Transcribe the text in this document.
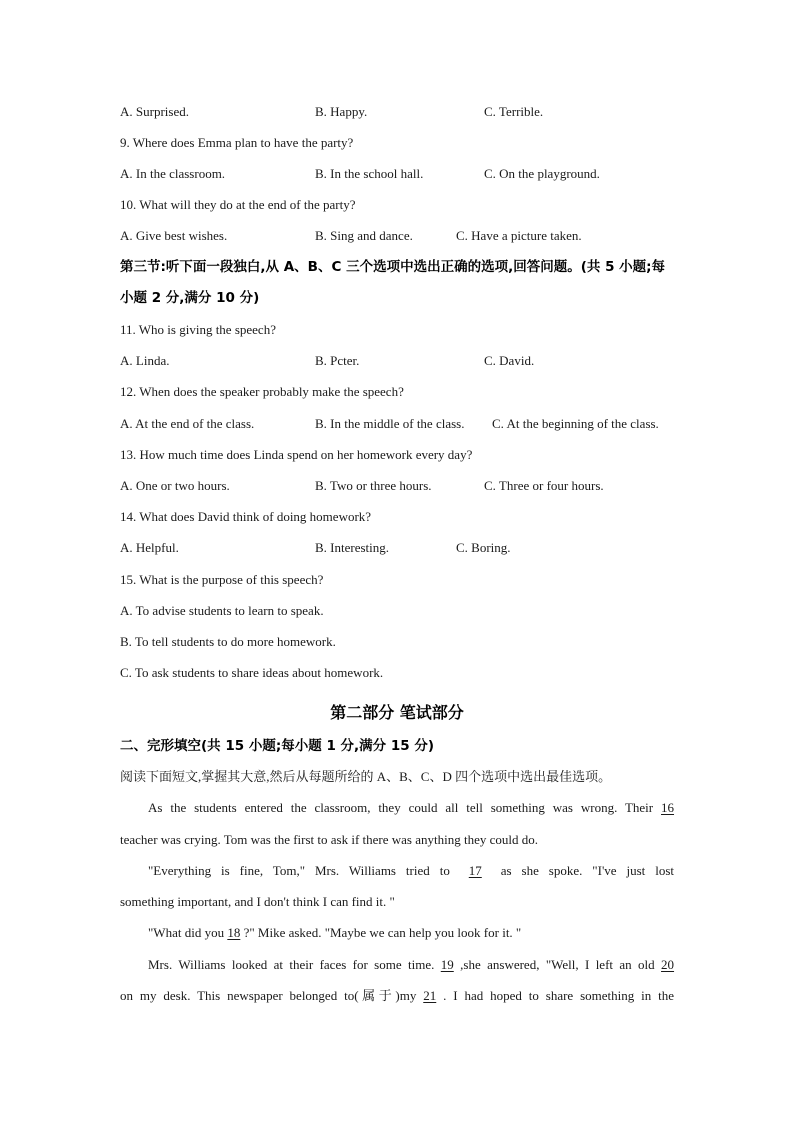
A. Surprised.	B. Happy.	C. Terrible.
9. Where does Emma plan to have the party?
A. In the classroom.	B. In the school hall.	C. On the playground.
10. What will they do at the end of the party?
A. Give best wishes.	B. Sing and dance.	C. Have a picture taken.
第三节:听下面一段独白,从 A、B、C 三个选项中选出正确的选项,回答问题。(共 5 小题;每
小题 2 分,满分 10 分)
11. Who is giving the speech?
A. Linda.	B. Pcter.	C. David.
12. When does the speaker probably make the speech?
A. At the end of the class.	B. In the middle of the class. C. At the beginning of the class.
13. How much time does Linda spend on her homework every day?
A. One or two hours.	B. Two or three hours.	C. Three or four hours.
14. What does David think of doing homework?
A. Helpful.	B. Interesting.	C. Boring.
15. What is the purpose of this speech?
A. To advise students to learn to speak.
B. To tell students to do more homework.
C. To ask students to share ideas about homework.
第二部分 笔试部分
二、完形填空(共 15 小题;每小题 1 分,满分 15 分)
阅读下面短文,掌握其大意,然后从每题所给的 A、B、C、D 四个选项中选出最佳选项。
As the students entered the classroom, they could all tell something was wrong. Their 16
teacher was crying. Tom was the first to ask if there was anything they could do.
"Everything is fine, Tom," Mrs. Williams tried to 17 as she spoke. "I've just lost
something important, and I don't think I can find it. "
"What did you 18 ?" Mike asked. "Maybe we can help you look for it. "
Mrs. Williams looked at their faces for some time. 19 ,she answered, "Well, I left an old 20
on my desk. This newspaper belonged to(属于)my 21 . I had hoped to share something in the
